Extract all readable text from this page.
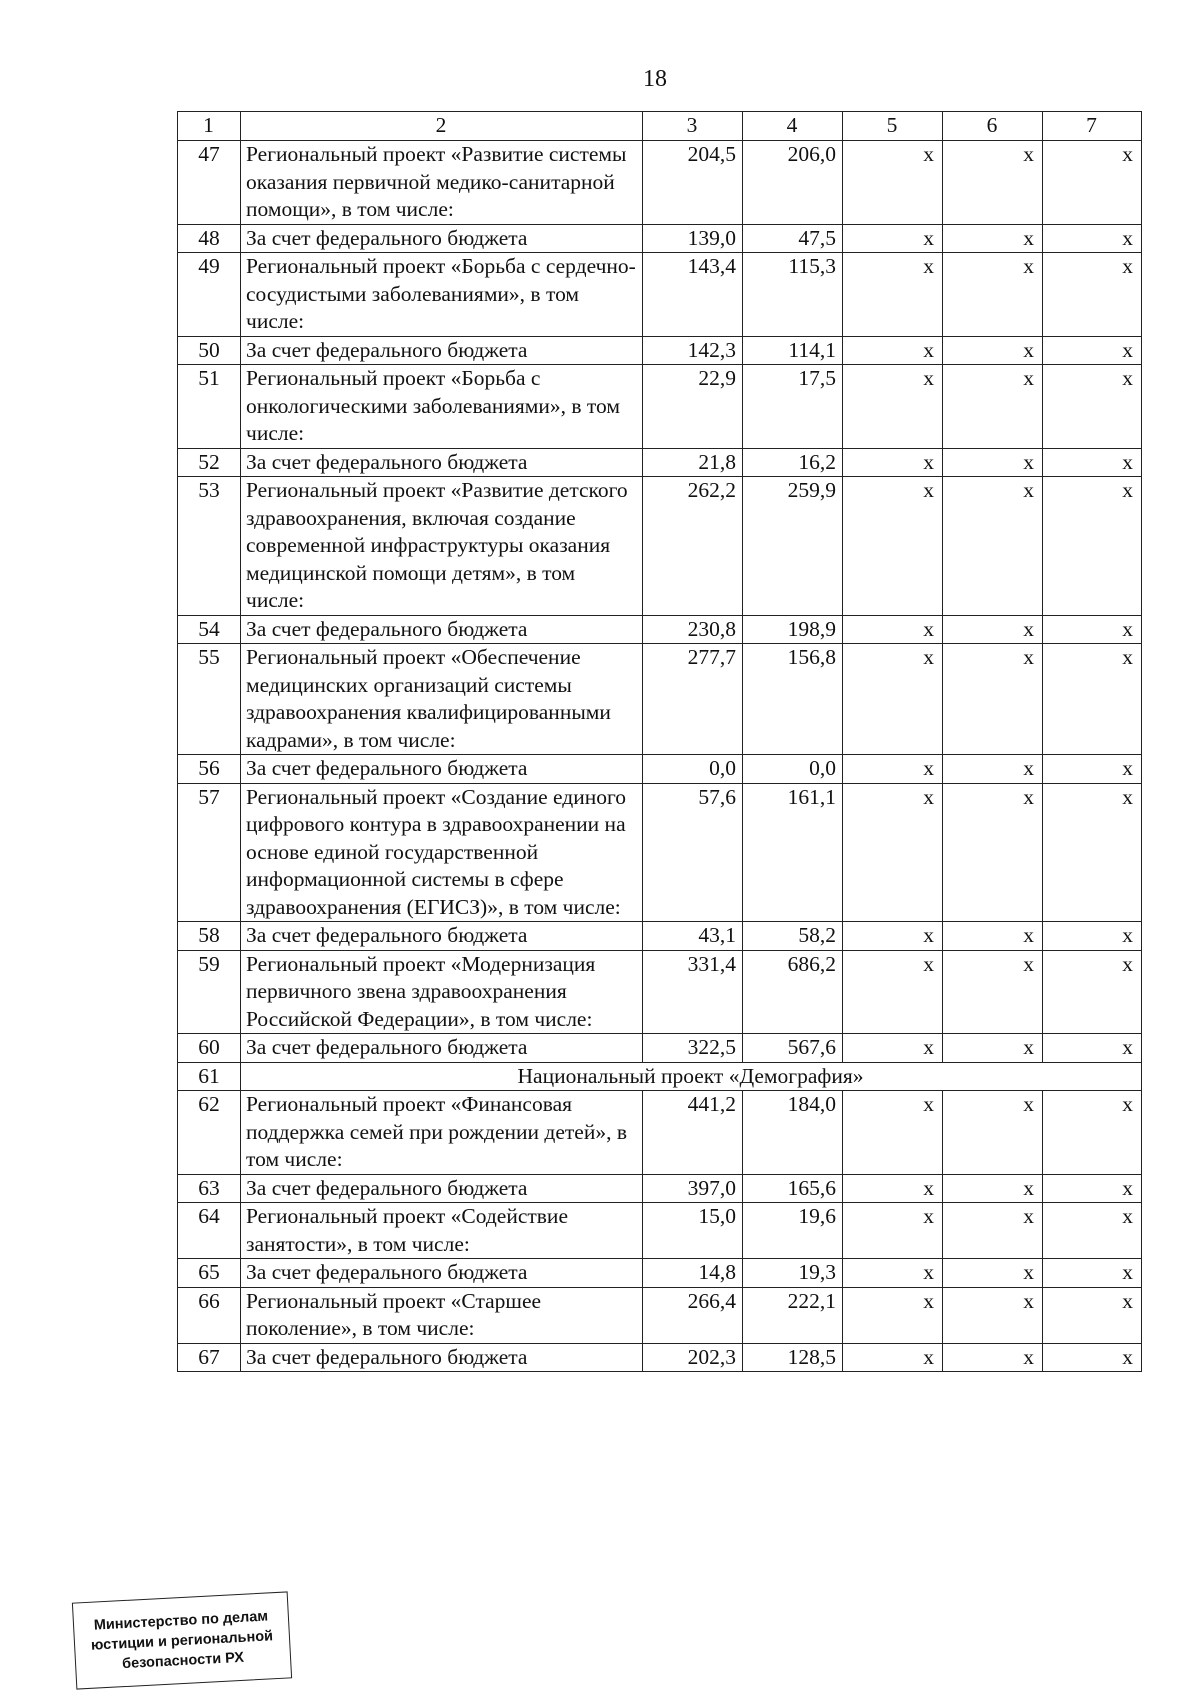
18
1	2	3	4	5	6	7
47	Региональный проект «Развитие системы оказания первичной медико-санитарной помощи», в том числе:	204,5	206,0	x	x	x
48	За счет федерального бюджета	139,0	47,5	x	x	x
49	Региональный проект «Борьба с сердечно-сосудистыми заболеваниями», в том числе:	143,4	115,3	x	x	x
50	За счет федерального бюджета	142,3	114,1	x	x	x
51	Региональный проект «Борьба с онкологическими заболеваниями», в том числе:	22,9	17,5	x	x	x
52	За счет федерального бюджета	21,8	16,2	x	x	x
53	Региональный проект «Развитие детского здравоохранения, включая создание современной инфраструктуры оказания медицинской помощи детям», в том числе:	262,2	259,9	x	x	x
54	За счет федерального бюджета	230,8	198,9	x	x	x
55	Региональный проект «Обеспечение медицинских организаций системы здравоохранения квалифицированными кадрами», в том числе:	277,7	156,8	x	x	x
56	За счет федерального бюджета	0,0	0,0	x	x	x
57	Региональный проект «Создание единого цифрового контура в здравоохранении на основе единой государственной информационной системы в сфере здравоохранения (ЕГИСЗ)», в том числе:	57,6	161,1	x	x	x
58	За счет федерального бюджета	43,1	58,2	x	x	x
59	Региональный проект «Модернизация первичного звена здравоохранения Российской Федерации», в том числе:	331,4	686,2	x	x	x
60	За счет федерального бюджета	322,5	567,6	x	x	x
61	Национальный проект «Демография»					
62	Региональный проект «Финансовая поддержка семей при рождении детей», в том числе:	441,2	184,0	x	x	x
63	За счет федерального бюджета	397,0	165,6	x	x	x
64	Региональный проект «Содействие занятости», в том числе:	15,0	19,6	x	x	x
65	За счет федерального бюджета	14,8	19,3	x	x	x
66	Региональный проект «Старшее поколение», в том числе:	266,4	222,1	x	x	x
67	За счет федерального бюджета	202,3	128,5	x	x	x
Министерство по делам
юстиции и региональной
безопасности РХ
